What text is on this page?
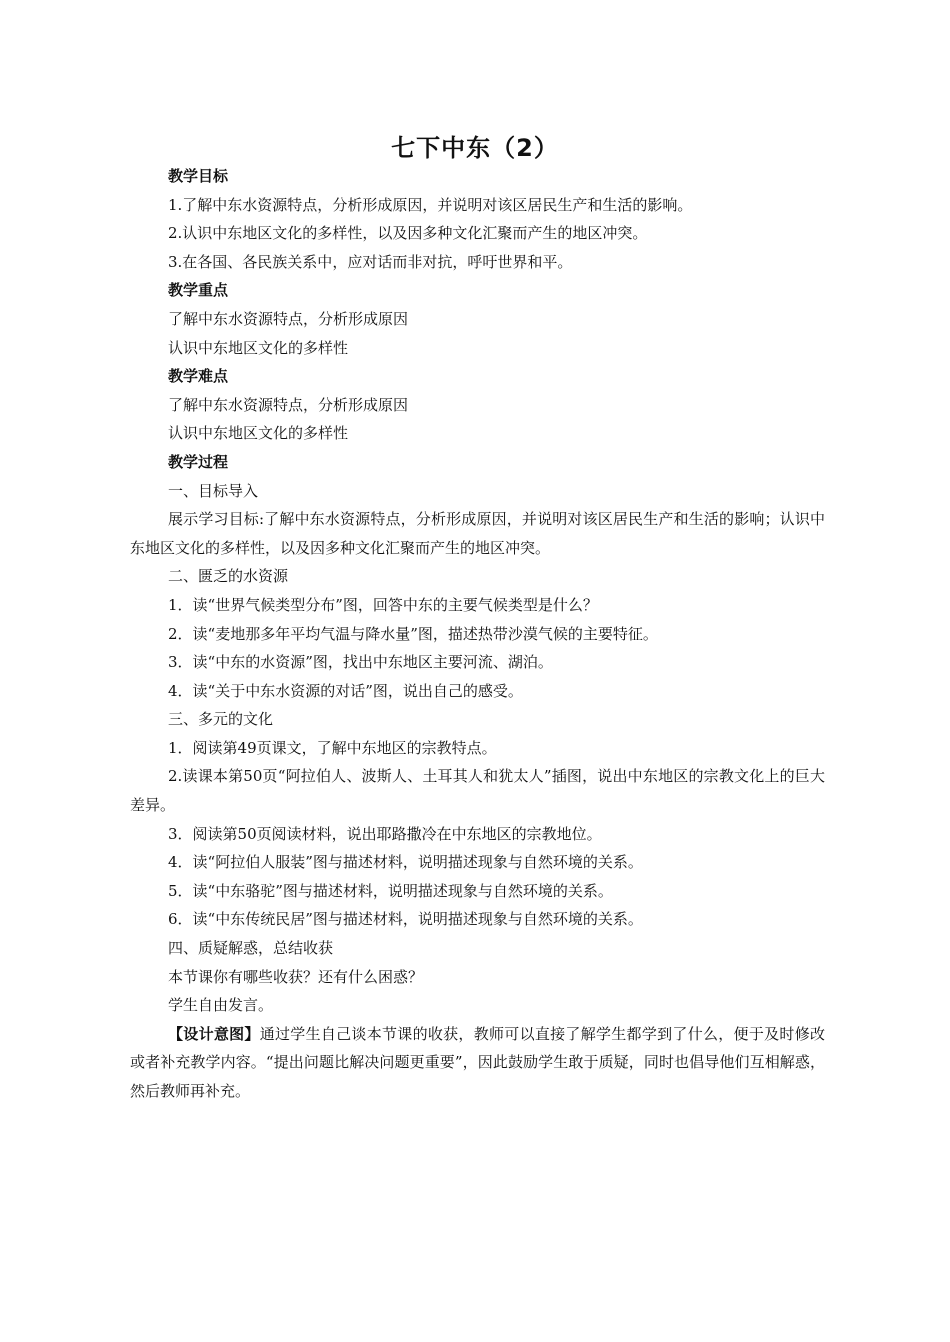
七下中东（2）

教学目标

1.了解中东水资源特点，分析形成原因，并说明对该区居民生产和生活的影响。

2.认识中东地区文化的多样性，以及因多种文化汇聚而产生的地区冲突。

3.在各国、各民族关系中，应对话而非对抗，呼吁世界和平。

教学重点

了解中东水资源特点，分析形成原因

认识中东地区文化的多样性

教学难点

了解中东水资源特点，分析形成原因

认识中东地区文化的多样性

教学过程

一、目标导入

展示学习目标:了解中东水资源特点，分析形成原因，并说明对该区居民生产和生活的影响；认识中东地区文化的多样性，以及因多种文化汇聚而产生的地区冲突。

二、匮乏的水资源

1．读“世界气候类型分布”图，回答中东的主要气候类型是什么？

2．读“麦地那多年平均气温与降水量”图，描述热带沙漠气候的主要特征。

3．读“中东的水资源”图，找出中东地区主要河流、湖泊。

4．读“关于中东水资源的对话”图，说出自己的感受。

三、多元的文化

1．阅读第49页课文，了解中东地区的宗教特点。

2.读课本第50页“阿拉伯人、波斯人、土耳其人和犹太人”插图，说出中东地区的宗教文化上的巨大差异。

3．阅读第50页阅读材料，说出耶路撒冷在中东地区的宗教地位。

4．读“阿拉伯人服装”图与描述材料，说明描述现象与自然环境的关系。

5．读“中东骆驼”图与描述材料，说明描述现象与自然环境的关系。

6．读“中东传统民居”图与描述材料，说明描述现象与自然环境的关系。

四、质疑解惑，总结收获

本节课你有哪些收获？还有什么困惑？

学生自由发言。

【设计意图】通过学生自己谈本节课的收获，教师可以直接了解学生都学到了什么，便于及时修改或者补充教学内容。“提出问题比解决问题更重要”，因此鼓励学生敢于质疑，同时也倡导他们互相解惑，然后教师再补充。
